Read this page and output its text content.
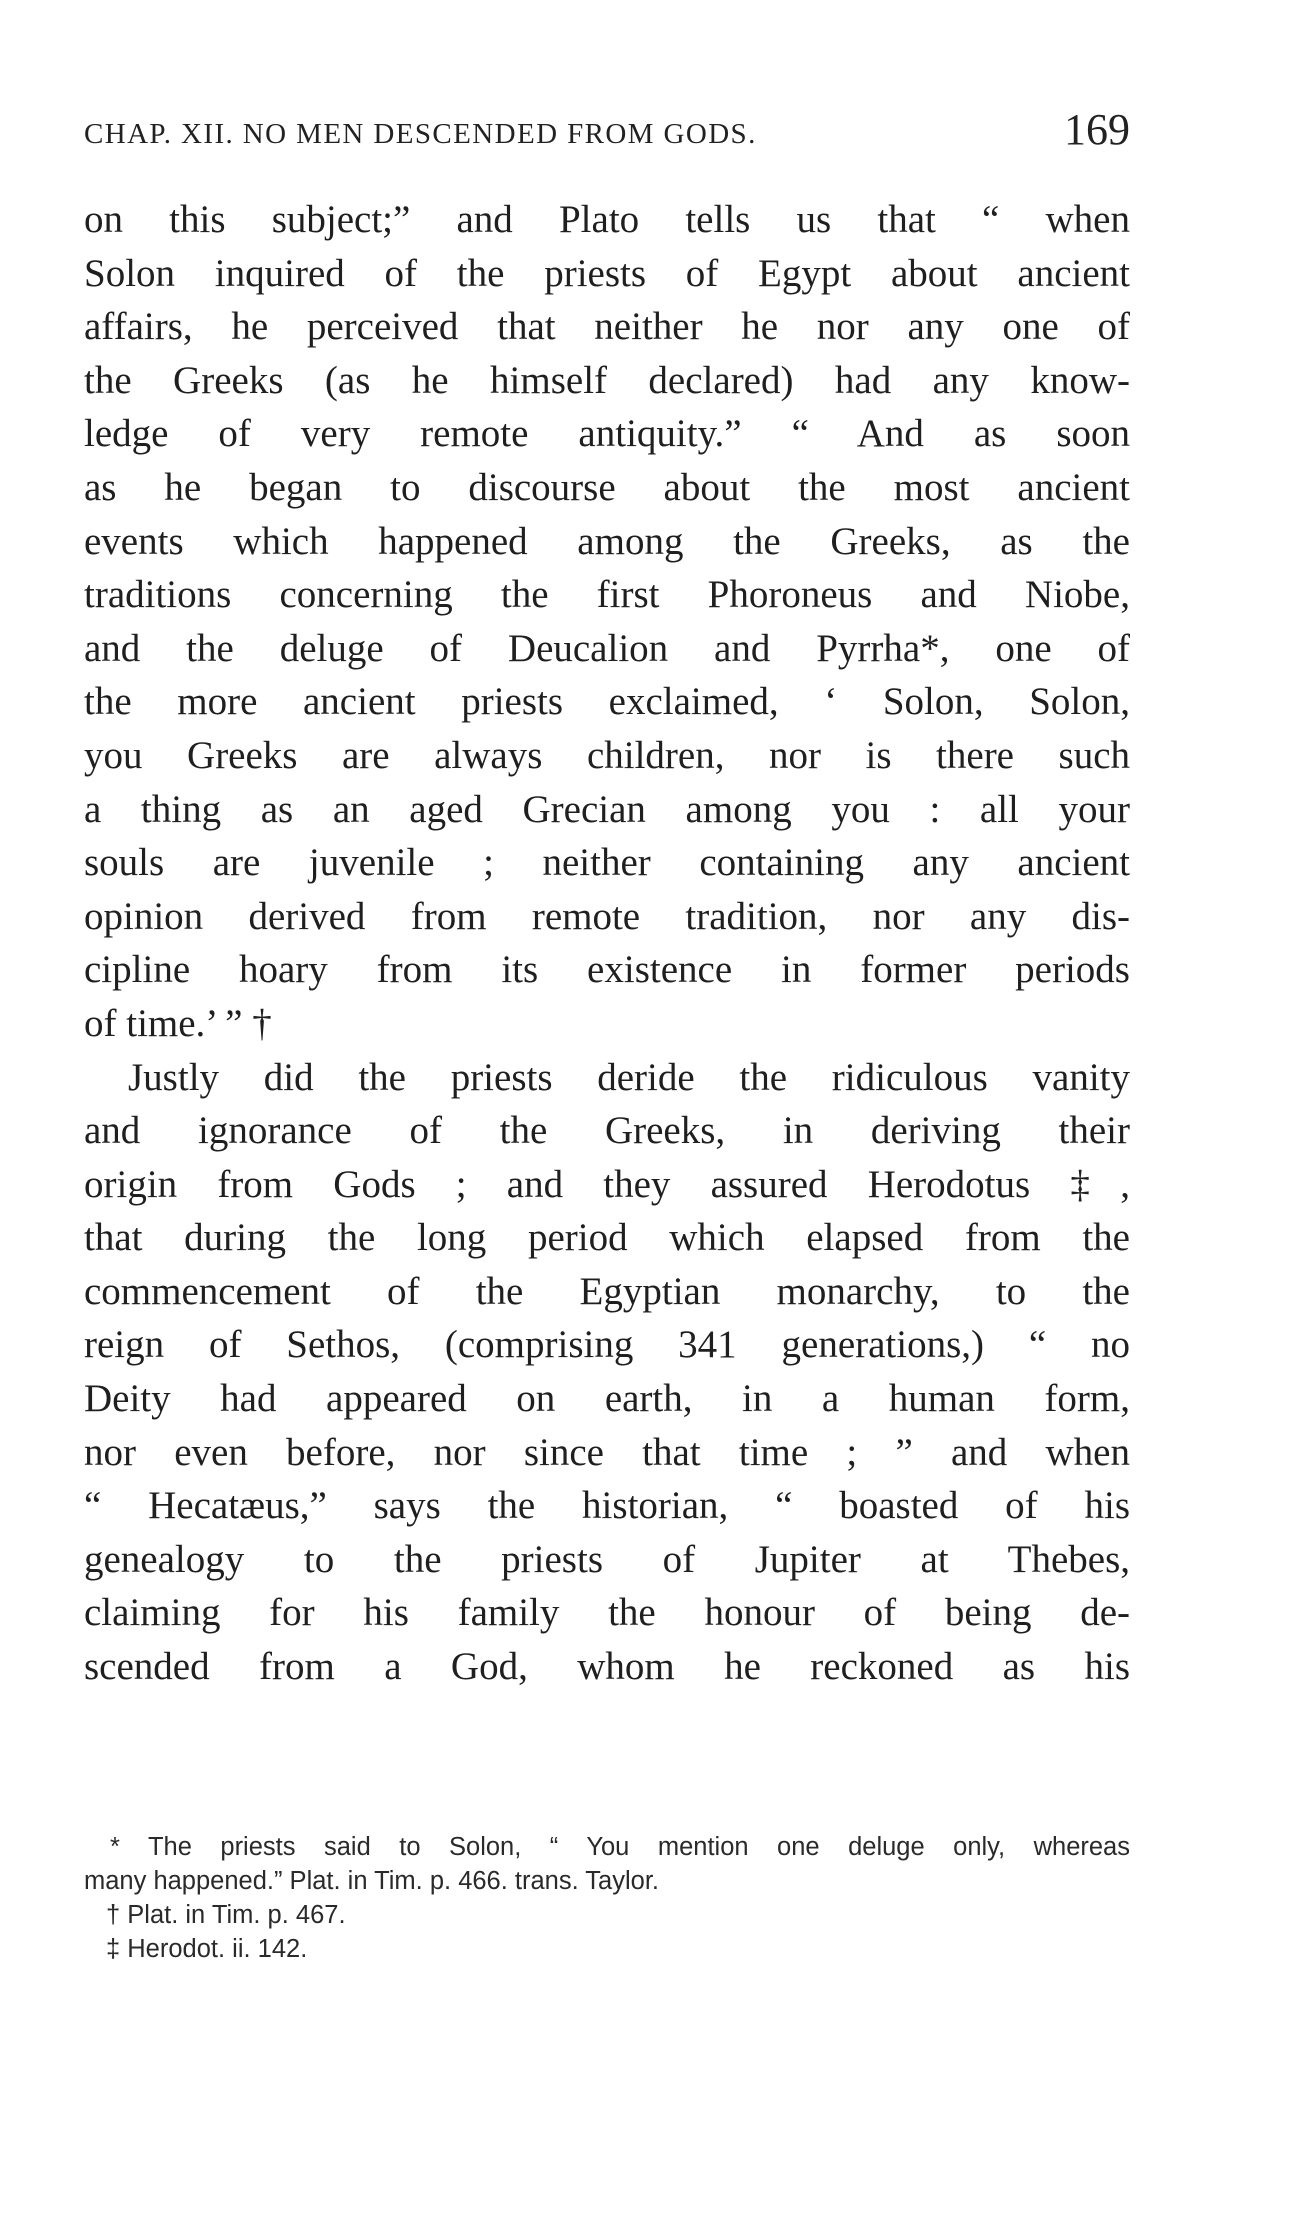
CHAP. XII. NO MEN DESCENDED FROM GODS.	169
on this subject;” and Plato tells us that “ when
Solon inquired of the priests of Egypt about ancient
affairs, he perceived that neither he nor any one of
the Greeks (as he himself declared) had any know-
ledge of very remote antiquity.” “ And as soon
as he began to discourse about the most ancient
events which happened among the Greeks, as the
traditions concerning the first Phoroneus and Niobe,
and the deluge of Deucalion and Pyrrha*, one of
the more ancient priests exclaimed, ‘ Solon, Solon,
you Greeks are always children, nor is there such
a thing as an aged Grecian among you : all your
souls are juvenile ; neither containing any ancient
opinion derived from remote tradition, nor any dis-
cipline hoary from its existence in former periods
of time.’ ” †
Justly did the priests deride the ridiculous vanity
and ignorance of the Greeks, in deriving their
origin from Gods ; and they assured Herodotus ‡,
that during the long period which elapsed from the
commencement of the Egyptian monarchy, to the
reign of Sethos, (comprising 341 generations,) “ no
Deity had appeared on earth, in a human form,
nor even before, nor since that time ; ” and when
“ Hecatæus,” says the historian, “ boasted of his
genealogy to the priests of Jupiter at Thebes,
claiming for his family the honour of being de-
scended from a God, whom he reckoned as his
* The priests said to Solon, “ You mention one deluge only, whereas
many happened.” Plat. in Tim. p. 466. trans. Taylor.
† Plat. in Tim. p. 467.
‡ Herodot. ii. 142.
